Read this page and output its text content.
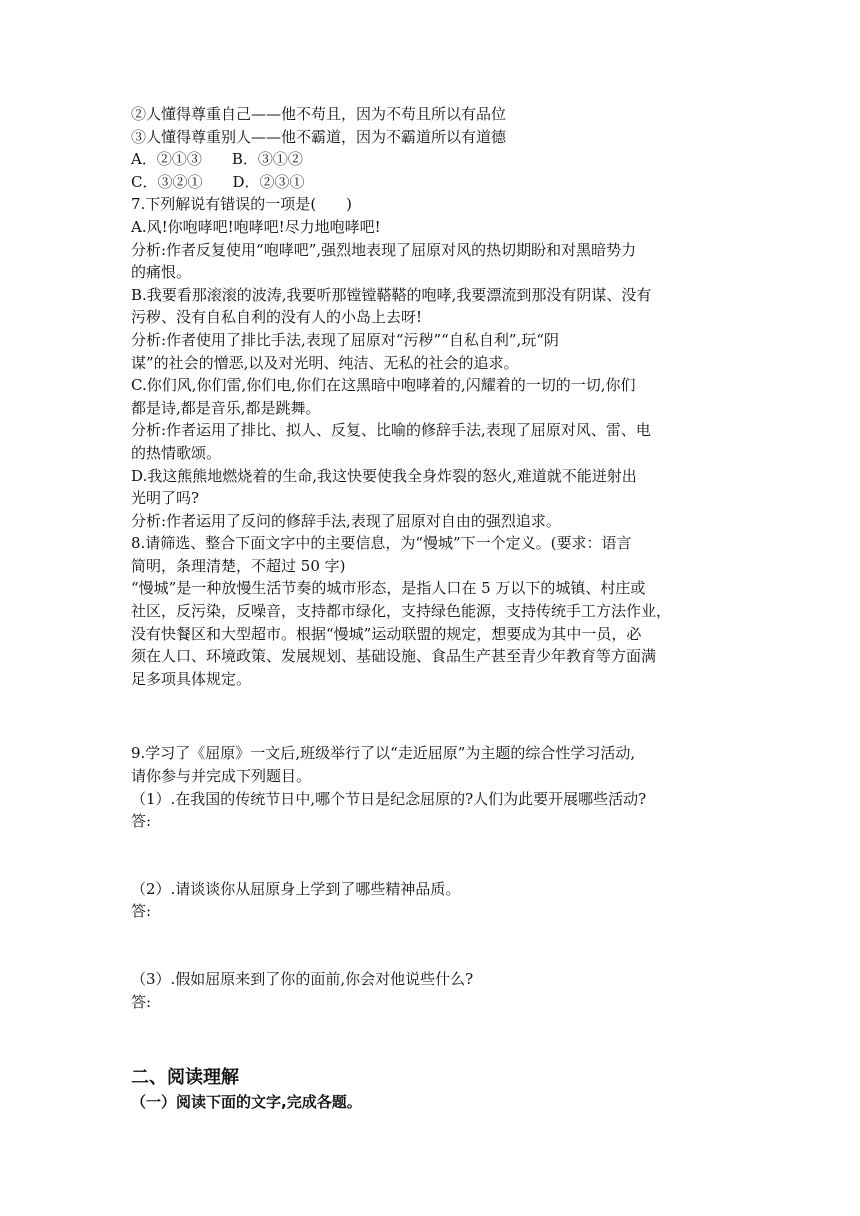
②人懂得尊重自己——他不苟且，因为不苟且所以有品位

③人懂得尊重别人——他不霸道，因为不霸道所以有道德

A．②①③　　B．③①②

C．③②①　　D．②③①

7.下列解说有错误的一项是(　　)

A.风!你咆哮吧!咆哮吧!尽力地咆哮吧!

分析:作者反复使用“咆哮吧”,强烈地表现了屈原对风的热切期盼和对黑暗势力

的痛恨。

B.我要看那滚滚的波涛,我要听那镗镗鞳鞳的咆哮,我要漂流到那没有阴谋、没有

污秽、没有自私自利的没有人的小岛上去呀!

分析:作者使用了排比手法,表现了屈原对“污秽”“自私自利”,玩“阴

谋”的社会的憎恶,以及对光明、纯洁、无私的社会的追求。

C.你们风,你们雷,你们电,你们在这黑暗中咆哮着的,闪耀着的一切的一切,你们

都是诗,都是音乐,都是跳舞。

分析:作者运用了排比、拟人、反复、比喻的修辞手法,表现了屈原对风、雷、电

的热情歌颂。

D.我这熊熊地燃烧着的生命,我这快要使我全身炸裂的怒火,难道就不能迸射出

光明了吗?

分析:作者运用了反问的修辞手法,表现了屈原对自由的强烈追求。

8.请筛选、整合下面文字中的主要信息，为“慢城”下一个定义。(要求：语言

简明，条理清楚，不超过 50 字)

“慢城”是一种放慢生活节奏的城市形态，是指人口在 5 万以下的城镇、村庄或

社区，反污染，反噪音，支持都市绿化，支持绿色能源，支持传统手工方法作业，

没有快餐区和大型超市。根据“慢城”运动联盟的规定，想要成为其中一员，必

须在人口、环境政策、发展规划、基础设施、食品生产甚至青少年教育等方面满

足多项具体规定。

9.学习了《屈原》一文后,班级举行了以“走近屈原”为主题的综合性学习活动,

请你参与并完成下列题目。

（1）.在我国的传统节日中,哪个节日是纪念屈原的?人们为此要开展哪些活动?

答:

（2）.请谈谈你从屈原身上学到了哪些精神品质。

答:

（3）.假如屈原来到了你的面前,你会对他说些什么?

答:

二、阅读理解

（一）阅读下面的文字,完成各题。
